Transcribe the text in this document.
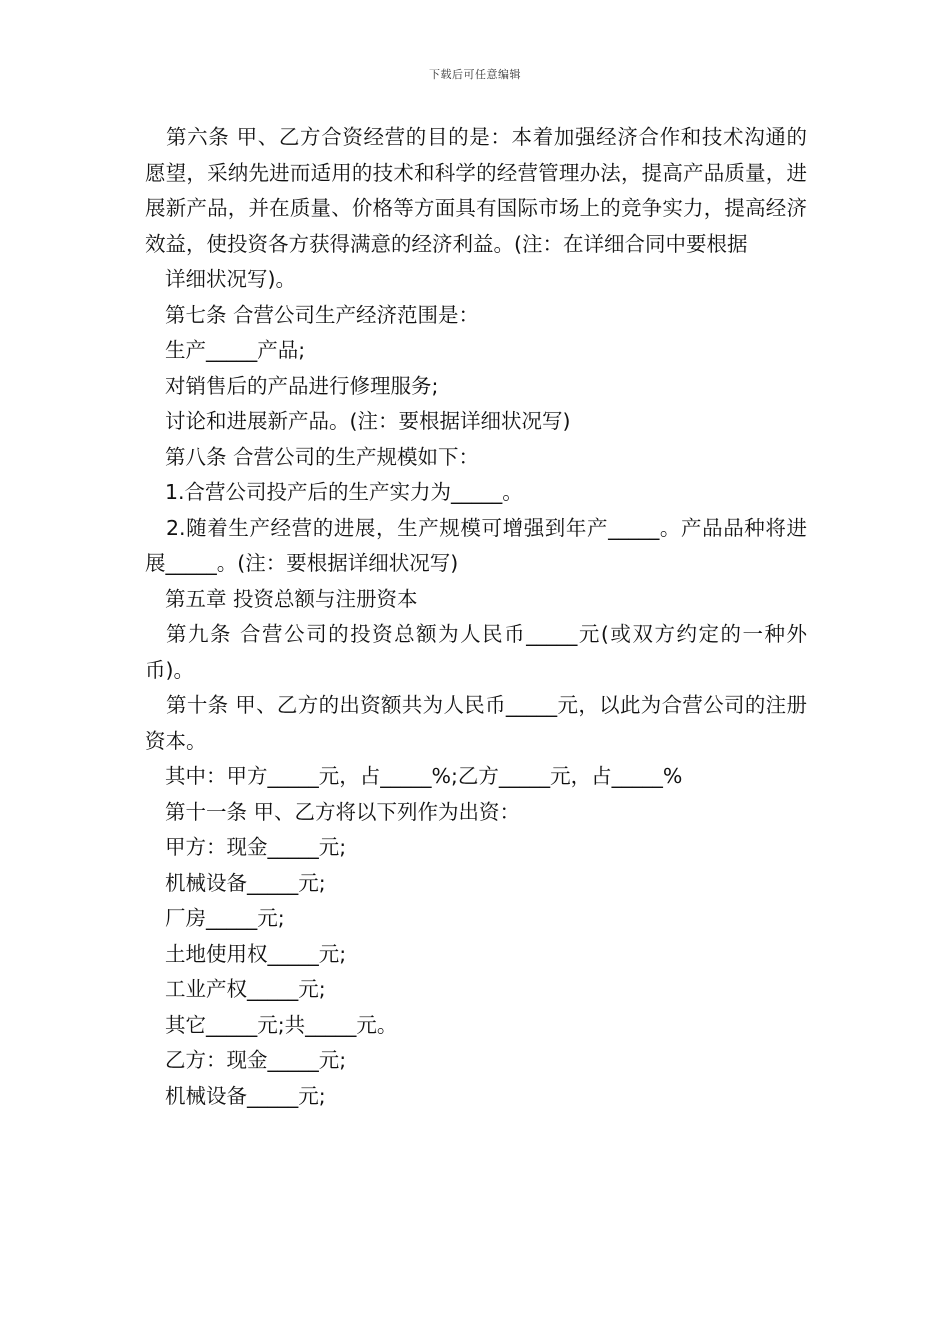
下载后可任意编辑

第六条 甲、乙方合资经营的目的是：本着加强经济合作和技术沟通的愿望，采纳先进而适用的技术和科学的经营管理办法，提高产品质量，进展新产品，并在质量、价格等方面具有国际市场上的竞争实力，提高经济效益，使投资各方获得满意的经济利益。(注：在详细合同中要根据

详细状况写)。

第七条 合营公司生产经济范围是：

生产_____产品;

对销售后的产品进行修理服务;

讨论和进展新产品。(注：要根据详细状况写)

第八条 合营公司的生产规模如下：

1.合营公司投产后的生产实力为_____。

2.随着生产经营的进展，生产规模可增强到年产_____。产品品种将进展_____。(注：要根据详细状况写)

第五章 投资总额与注册资本

第九条 合营公司的投资总额为人民币_____元(或双方约定的一种外币)。

第十条 甲、乙方的出资额共为人民币_____元，以此为合营公司的注册资本。

其中：甲方_____元，占_____%;乙方_____元，占_____%

第十一条 甲、乙方将以下列作为出资：

甲方：现金_____元;

机械设备_____元;

厂房_____元;

土地使用权_____元;

工业产权_____元;

其它_____元;共_____元。

乙方：现金_____元;

机械设备_____元;
